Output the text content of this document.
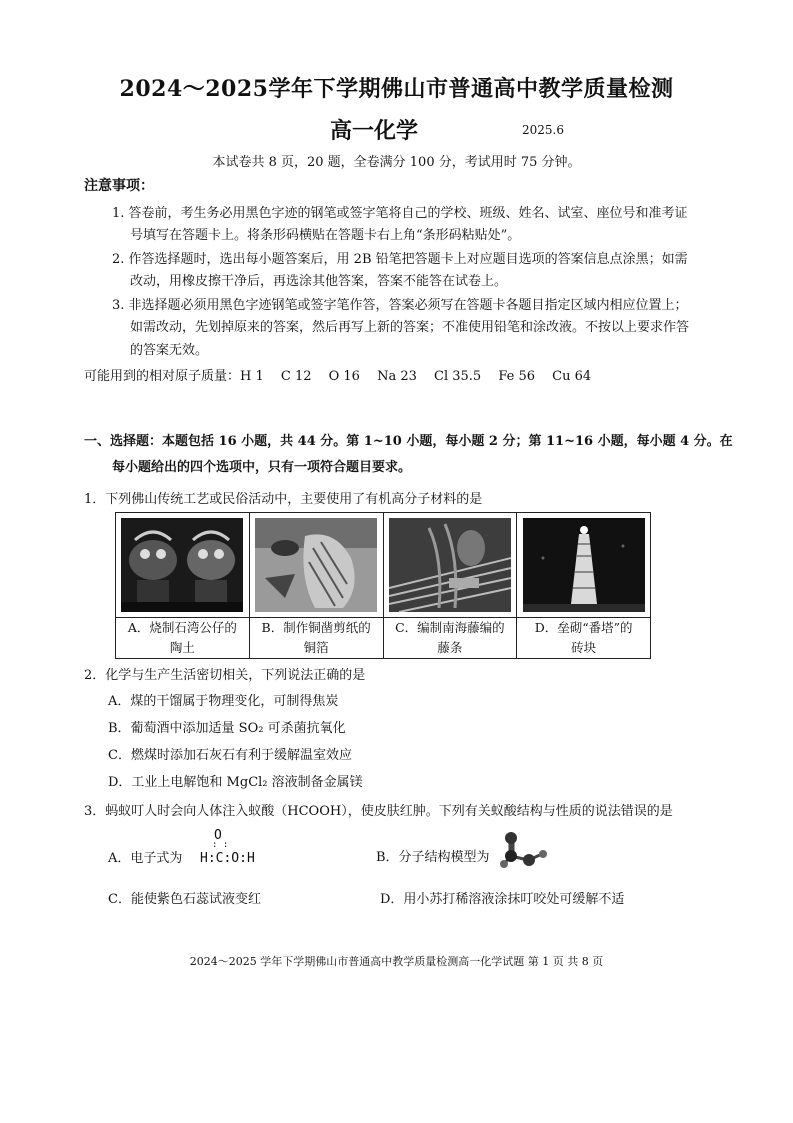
2024～2025学年下学期佛山市普通高中教学质量检测
高一化学	2025.6
本试卷共 8 页，20 题，全卷满分 100 分，考试用时 75 分钟。
注意事项：
1. 答卷前，考生务必用黑色字迹的钢笔或签字笔将自己的学校、班级、姓名、试室、座位号和准考证
号填写在答题卡上。将条形码横贴在答题卡右上角“条形码粘贴处”。
2. 作答选择题时，选出每小题答案后，用 2B 铅笔把答题卡上对应题目选项的答案信息点涂黑；如需
改动，用橡皮擦干净后，再选涂其他答案，答案不能答在试卷上。
3. 非选择题必须用黑色字迹钢笔或签字笔作答，答案必须写在答题卡各题目指定区域内相应位置上；
如需改动，先划掉原来的答案，然后再写上新的答案；不准使用铅笔和涂改液。不按以上要求作答
的答案无效。
可能用到的相对原子质量：H 1　 C 12　 O 16　 Na 23　 Cl 35.5　 Fe 56　 Cu 64
一、选择题：本题包括 16 小题，共 44 分。第 1~10 小题，每小题 2 分；第 11~16 小题，每小题 4 分。在
每小题给出的四个选项中，只有一项符合题目要求。
1．下列佛山传统工艺或民俗活动中，主要使用了有机高分子材料的是

A．烧制石湾公仔的
陶土	B．制作铜凿剪纸的
铜箔	C．编制南海藤编的
藤条	D．垒砌“番塔”的
砖块
2．化学与生产生活密切相关，下列说法正确的是
A．煤的干馏属于物理变化，可制得焦炭
B．葡萄酒中添加适量 SO₂ 可杀菌抗氧化
C．燃煤时添加石灰石有利于缓解温室效应
D．工业上电解饱和 MgCl₂ 溶液制备金属镁
3．蚂蚁叮人时会向人体注入蚁酸（HCOOH），使皮肤红肿。下列有关蚁酸结构与性质的说法错误的是
A．电子式为
O
H:C:O:H
: :
B．分子结构模型为
C．能使紫色石蕊试液变红	D．用小苏打稀溶液涂抹叮咬处可缓解不适
2024～2025 学年下学期佛山市普通高中教学质量检测高一化学试题 第 1 页 共 8 页
